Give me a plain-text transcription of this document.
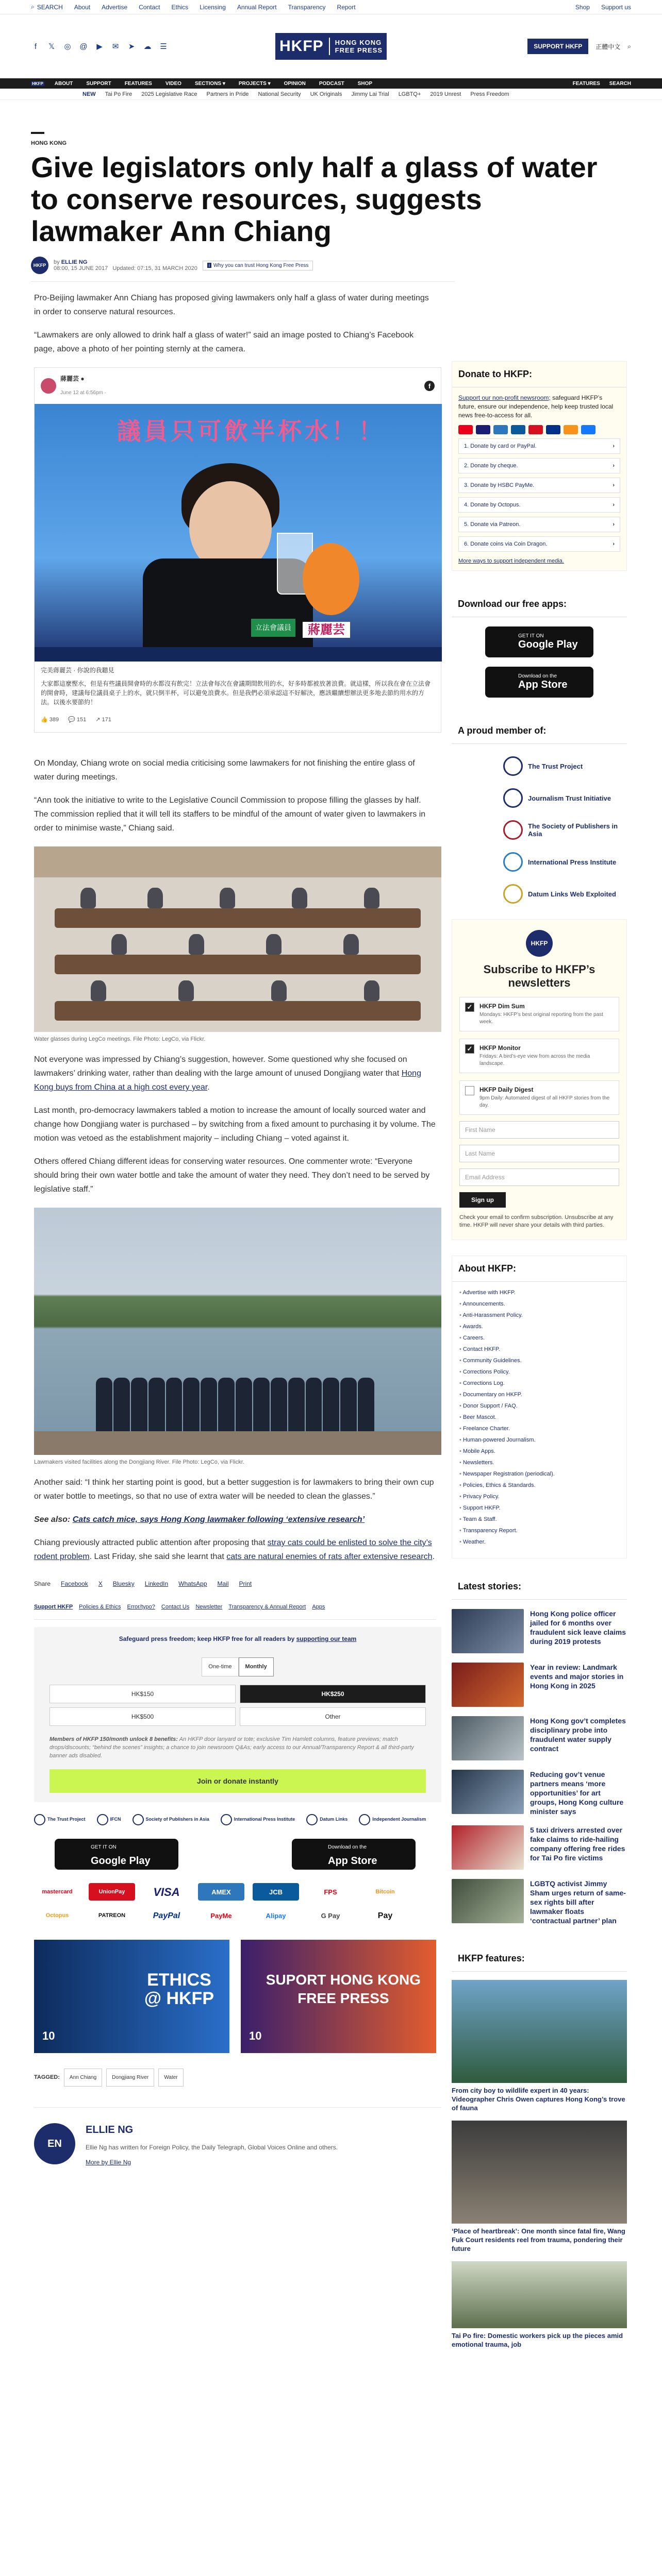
⌕ SEARCH About Advertise Contact Ethics Licensing Annual Report Transparency Report	Shop Support us
f	𝕏 ◎ @ ▶ ✉ ➤ ☁ ☰	HKFP	HONG KONG
FREE PRESS	SUPPORT HKFP	正體中文 ⌕
HKFP ABOUT	SUPPORT	FEATURES	VIDEO	SECTIONS ▾	PROJECTS ▾	OPINION	PODCAST	SHOP	FEATURES SEARCH
NEW Tai Po Fire 2025 Legislative Race Partners in Pride National Security UK Originals Jimmy Lai Trial LGBTQ+ 2019 Unrest Press Freedom
HONG KONG
Give legislators only half a glass of water to conserve resources, suggests lawmaker Ann Chiang
HKFP	by ELLIE NG
08:00, 15 JUNE 2017 Updated: 07:15, 31 MARCH 2020	i Why you can trust Hong Kong Free Press

Pro-Beijing lawmaker Ann Chiang has proposed giving lawmakers only half a glass of water during meetings in order to conserve natural resources.

“Lawmakers are only allowed to drink half a glass of water!” said an image posted to Chiang’s Facebook page, above a photo of her pointing sternly at the camera.

蔣麗芸 ●
June 12 at 6:56pm ·
f
議員只可飲半杯水！！
立法會議員	蔣麗芸
完美蔣麗芸 · 你說的我聽見
大家都這麼慳水，但是有些議員開會時的水都沒有飲完！立法會每次在會議期間飲用的水，好多時都被放著浪費。就這樣，所以我在會在立法會的開會時，建議每位議員桌子上的水，就只倒半杯，可以避免浪費水。但是我們必須承認這不好解決，應該繼續想辦法更多地去節約用水的方法。以後水要節約！
👍 389 💬 151 ↗ 171

On Monday, Chiang wrote on social media criticising some lawmakers for not finishing the entire glass of water during meetings.

“Ann took the initiative to write to the Legislative Council Commission to propose filling the glasses by half. The commission replied that it will tell its staffers to be mindful of the amount of water given to lawmakers in order to minimise waste,” Chiang said.

Water glasses during LegCo meetings. File Photo: LegCo, via Flickr.

Not everyone was impressed by Chiang’s suggestion, however. Some questioned why she focused on lawmakers’ drinking water, rather than dealing with the large amount of unused Dongjiang water that Hong Kong buys from China at a high cost every year.

Last month, pro-democracy lawmakers tabled a motion to increase the amount of locally sourced water and change how Dongjiang water is purchased – by switching from a fixed amount to purchasing it by volume. The motion was vetoed as the establishment majority – including Chiang – voted against it.

Others offered Chiang different ideas for conserving water resources. One commenter wrote: “Everyone should bring their own water bottle and take the amount of water they need. They don’t need to be served by legislative staff.”

Lawmakers visited facilities along the Dongjiang River. File Photo: LegCo, via Flickr.

Another said: “I think her starting point is good, but a better suggestion is for lawmakers to bring their own cup or water bottle to meetings, so that no use of extra water will be needed to clean the glasses.”

See also: Cats catch mice, says Hong Kong lawmaker following ‘extensive research’

Chiang previously attracted public attention after proposing that stray cats could be enlisted to solve the city’s rodent problem. Last Friday, she said she learnt that cats are natural enemies of rats after extensive research.

Share Facebook X Bluesky LinkedIn WhatsApp Mail Print
Support HKFP Policies & Ethics Error/typo? Contact Us Newsletter Transparency & Annual Report Apps
Safeguard press freedom; keep HKFP free for all readers by supporting our team
One-time	Monthly
HK$150	HK$250
HK$500	Other
Members of HKFP 150/month unlock 8 benefits: An HKFP door lanyard or tote; exclusive Tim Hamlett columns, feature previews; match drops/discounts; “behind the scenes” insights; a chance to join newsroom Q&As; early access to our Annual/Transparency Report & all third-party banner ads disabled.
Join or donate instantly
The Trust Project	IFCN	Society of Publishers in Asia	International Press Institute	Datum Links	Independent Journalism
GET IT ON
Google Play
Download on the
App Store
mastercard	UnionPay	VISA	AMEX	JCB	FPS	Bitcoin
Octopus	PATREON	PayPal	PayMe	Alipay	G Pay	Pay
ETHICS
@ HKFP
10
SUPORT HONG KONG
FREE PRESS
10
TAGGED:	Ann Chiang	Dongjiang River	Water
EN
ELLIE NG
Ellie Ng has written for Foreign Policy, the Daily Telegraph, Global Voices Online and others.
More by Ellie Ng
Donate to HKFP:
Support our non-profit newsroom; safeguard HKFP’s future, ensure our independence, help keep trusted local news free-to-access for all.
1. Donate by card or PayPal.	›
2. Donate by cheque.	›
3. Donate by HSBC PayMe.	›
4. Donate by Octopus.	›
5. Donate via Patreon.	›
6. Donate coins via Coin Dragon.	›
More ways to support independent media.
Download our free apps:
GET IT ON
Google Play
Download on the
App Store
A proud member of:
The Trust Project
Journalism Trust Initiative
The Society of Publishers in Asia
International Press Institute
Datum Links Web Exploited
HKFP
Subscribe to HKFP’s newsletters
✓ HKFP Dim Sum
Mondays: HKFP’s best original reporting from the past week.
✓ HKFP Monitor
Fridays: A bird’s-eye view from across the media landscape.
HKFP Daily Digest
9pm Daily: Automated digest of all HKFP stories from the day.
First Name
Last Name
Email Address
Sign up
Check your email to confirm subscription. Unsubscribe at any time. HKFP will never share your details with third parties.
About HKFP:
• Advertise with HKFP.
• Announcements.
• Anti-Harassment Policy.
• Awards.
• Careers.
• Contact HKFP.
• Community Guidelines.
• Corrections Policy.
• Corrections Log.
• Documentary on HKFP.
• Donor Support / FAQ.
• Beer Mascot.
• Freelance Charter.
• Human-powered Journalism.
• Mobile Apps.
• Newsletters.
• Newspaper Registration (periodical).
• Policies, Ethics & Standards.
• Privacy Policy.
• Support HKFP.
• Team & Staff.
• Transparency Report.
• Weather.
Latest stories:
Hong Kong police officer jailed for 6 months over fraudulent sick leave claims during 2019 protests
Year in review: Landmark events and major stories in Hong Kong in 2025
Hong Kong gov’t completes disciplinary probe into fraudulent water supply contract
Reducing gov’t venue partners means ‘more opportunities’ for art groups, Hong Kong culture minister says
5 taxi drivers arrested over fake claims to ride-hailing company offering free rides for Tai Po fire victims
LGBTQ activist Jimmy Sham urges return of same-sex rights bill after lawmaker floats ‘contractual partner’ plan
HKFP features:
From city boy to wildlife expert in 40 years: Videographer Chris Owen captures Hong Kong’s trove of fauna
‘Place of heartbreak’: One month since fatal fire, Wang Fuk Court residents reel from trauma, pondering their future
Tai Po fire: Domestic workers pick up the pieces amid emotional trauma, job
